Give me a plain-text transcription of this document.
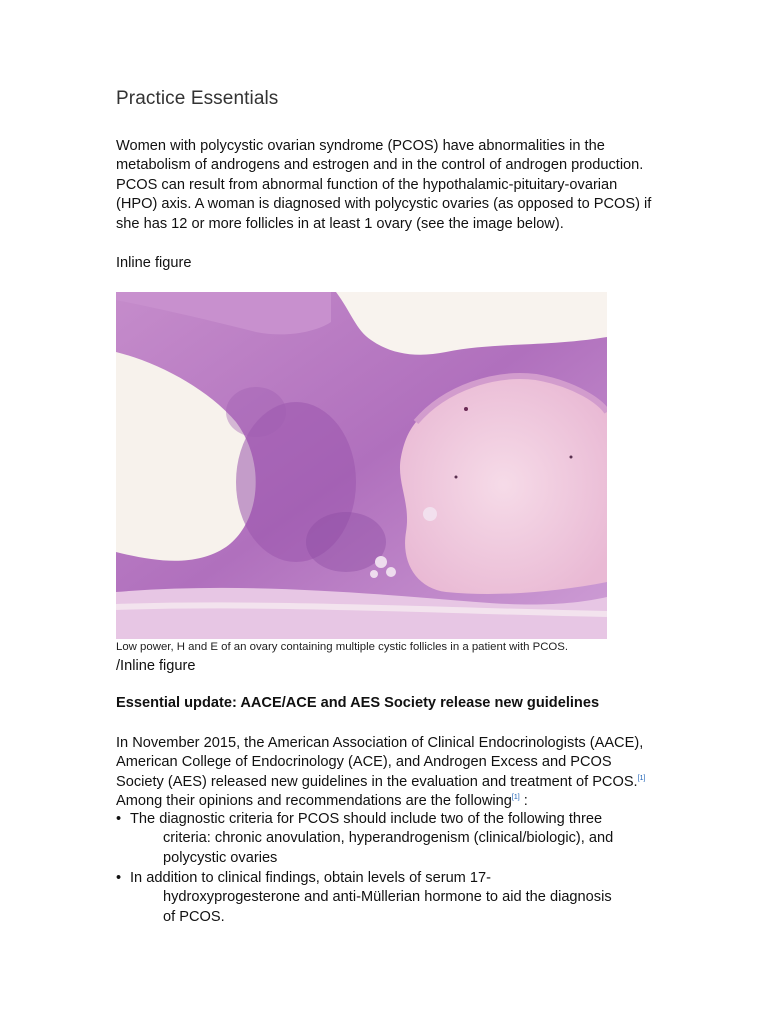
Practice Essentials
Women with polycystic ovarian syndrome (PCOS) have abnormalities in the metabolism of androgens and estrogen and in the control of androgen production. PCOS can result from abnormal function of the hypothalamic-pituitary-ovarian (HPO) axis. A woman is diagnosed with polycystic ovaries (as opposed to PCOS) if she has 12 or more follicles in at least 1 ovary (see the image below).
Inline figure
Low power, H and E of an ovary containing multiple cystic follicles in a patient with PCOS.
/Inline figure
Essential update: AACE/ACE and AES Society release new guidelines
In November 2015, the American Association of Clinical Endocrinologists (AACE), American College of Endocrinology (ACE), and Androgen Excess and PCOS Society (AES) released new guidelines in the evaluation and treatment of PCOS.[1] Among their opinions and recommendations are the following[1] :
• The diagnostic criteria for PCOS should include two of the following three
criteria: chronic anovulation, hyperandrogenism (clinical/biologic), and
polycystic ovaries
• In addition to clinical findings, obtain levels of serum 17-
hydroxyprogesterone and anti-Müllerian hormone to aid the diagnosis
of PCOS.
